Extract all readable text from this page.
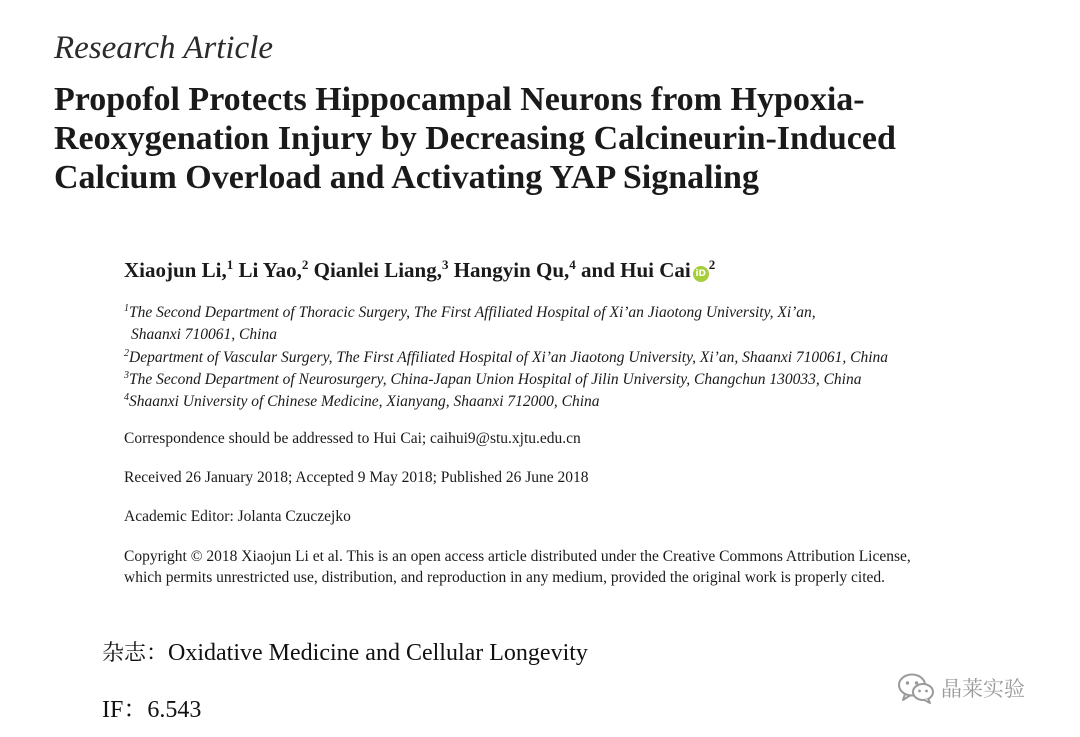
Research Article
Propofol Protects Hippocampal Neurons from Hypoxia-
Reoxygenation Injury by Decreasing Calcineurin-Induced
Calcium Overload and Activating YAP Signaling
Xiaojun Li,$^1$ Li Yao,$^2$ Qianlei Liang,$^3$ Hangyin Qu,$^4$ and Hui Cai $iD^2$
$^1$The Second Department of Thoracic Surgery, The First Affiliated Hospital of Xi’an Jiaotong University, Xi’an,
Shaanxi 710061, China
$^2$Department of Vascular Surgery, The First Affiliated Hospital of Xi’an Jiaotong University, Xi’an, Shaanxi 710061, China
$^3$The Second Department of Neurosurgery, China-Japan Union Hospital of Jilin University, Changchun 130033, China
$^4$Shaanxi University of Chinese Medicine, Xianyang, Shaanxi 712000, China
Correspondence should be addressed to Hui Cai; caihui9@stu.xjtu.edu.cn
Received 26 January 2018; Accepted 9 May 2018; Published 26 June 2018
Academic Editor: Jolanta Czuczejko
Copyright © 2018 Xiaojun Li et al. This is an open access article distributed under the Creative Commons Attribution License,
which permits unrestricted use, distribution, and reproduction in any medium, provided the original work is properly cited.
杂志：Oxidative Medicine and Cellular Longevity
IF：6.543
晶莱实验
